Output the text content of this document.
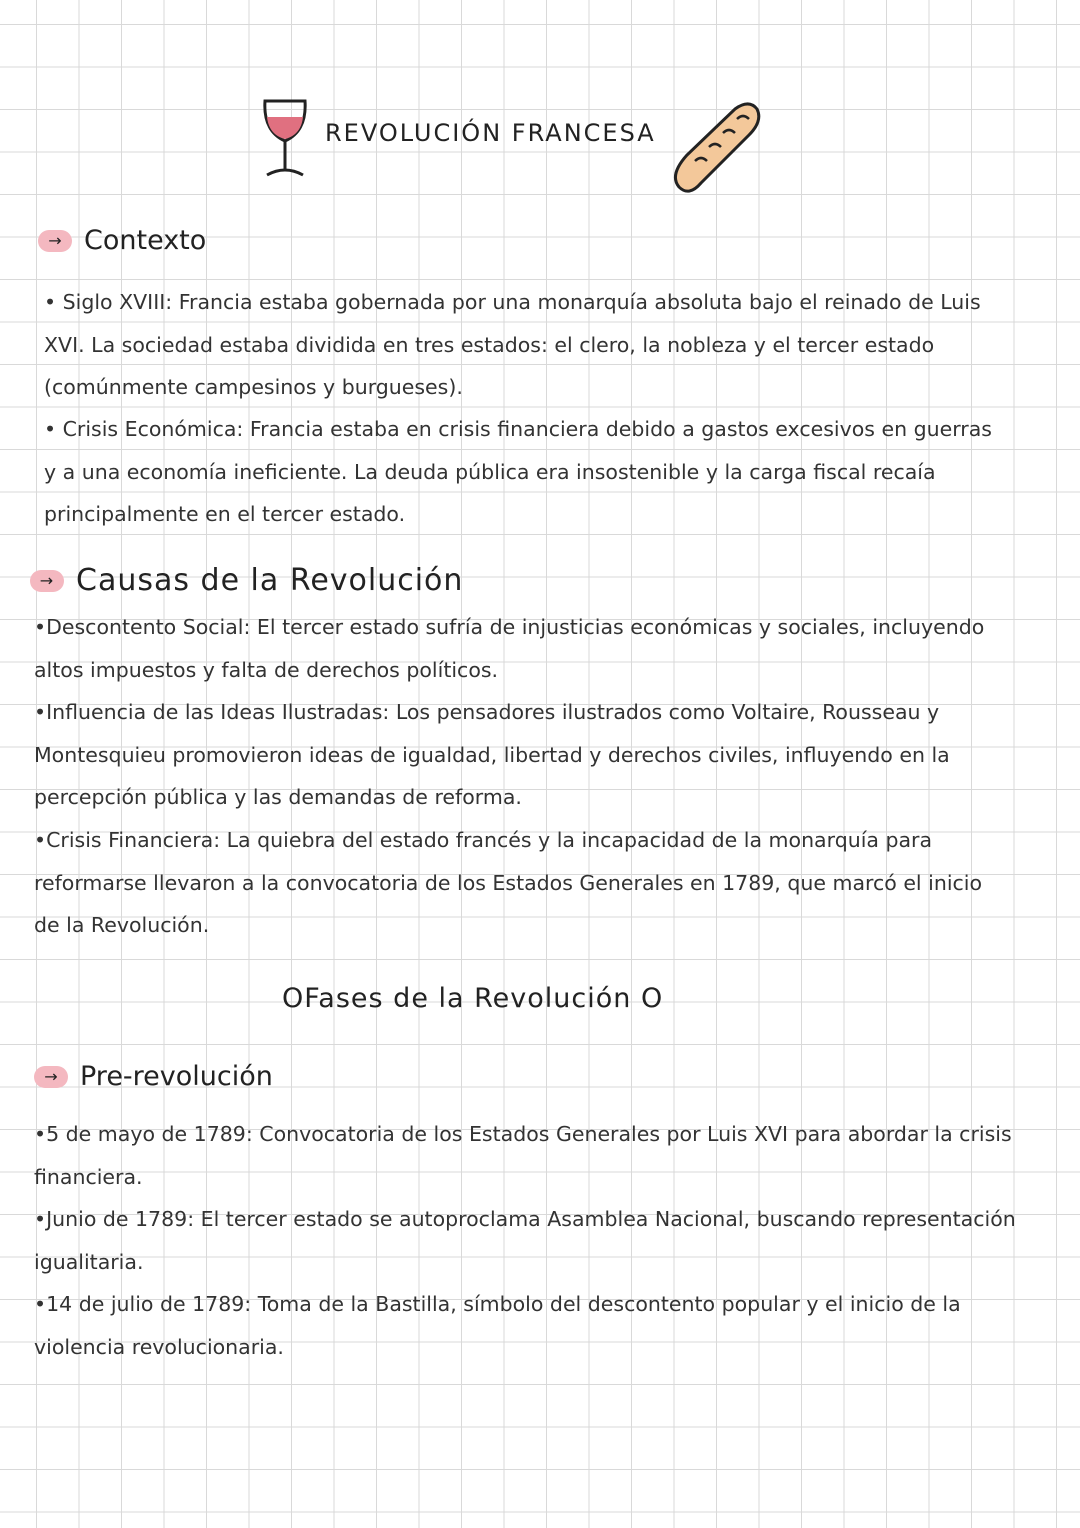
REVOLUCIÓN FRANCESA
→ Contexto

• Siglo XVIII: Francia estaba gobernada por una monarquía absoluta bajo el reinado de Luis XVI. La sociedad estaba dividida en tres estados: el clero, la nobleza y el tercer estado (comúnmente campesinos y burgueses).

• Crisis Económica: Francia estaba en crisis financiera debido a gastos excesivos en guerras y a una economía ineficiente. La deuda pública era insostenible y la carga fiscal recaía principalmente en el tercer estado.

→ Causas de la Revolución

•Descontento Social: El tercer estado sufría de injusticias económicas y sociales, incluyendo altos impuestos y falta de derechos políticos.

•Influencia de las Ideas Ilustradas: Los pensadores ilustrados como Voltaire, Rousseau y Montesquieu promovieron ideas de igualdad, libertad y derechos civiles, influyendo en la percepción pública y las demandas de reforma.

•Crisis Financiera: La quiebra del estado francés y la incapacidad de la monarquía para reformarse llevaron a la convocatoria de los Estados Generales en 1789, que marcó el inicio de la Revolución.

OFases de la Revolución O
→ Pre-revolución

•5 de mayo de 1789: Convocatoria de los Estados Generales por Luis XVI para abordar la crisis financiera.

•Junio de 1789: El tercer estado se autoproclama Asamblea Nacional, buscando representación igualitaria.

•14 de julio de 1789: Toma de la Bastilla, símbolo del descontento popular y el inicio de la violencia revolucionaria.
